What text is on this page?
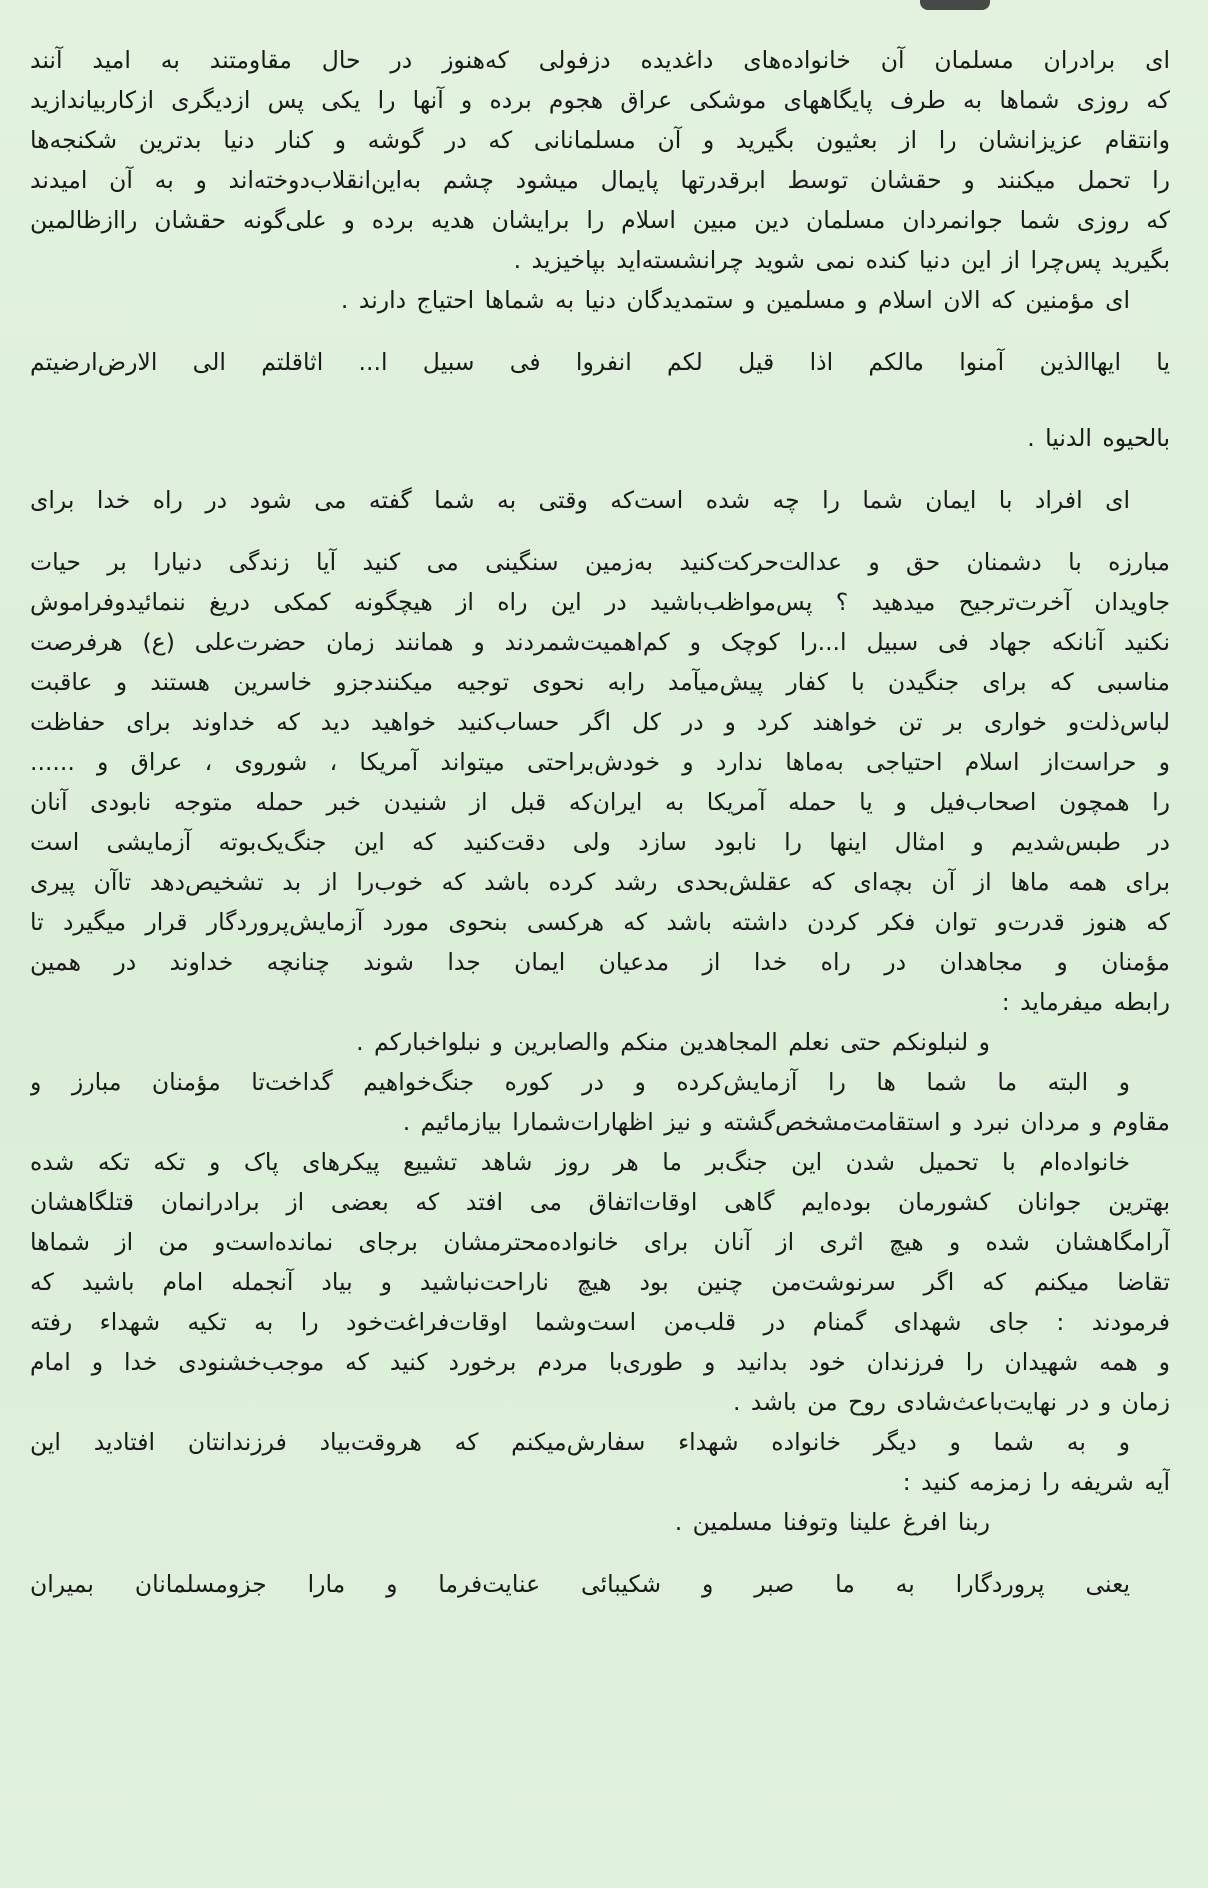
ای برادران مسلمان آن خانواده‌های داغدیده دزفولی که‌هنوز در حال مقاومتند به امید آنند
که روزی شماها به طرف پایگاههای موشکی عراق هجوم برده و آنها را یکی پس ازدیگری ازکاربیاندازید
وانتقام عزیزانشان را از بعثیون بگیرید و آن مسلمانانی که در گوشه و کنار دنیا بدترین شکنجه‌ها
را تحمل میکنند و حقشان توسط ابرقدرتها پایمال میشود چشم به‌این‌انقلاب‌دوخته‌اند و به آن امیدند
که روزی شما جوانمردان مسلمان دین مبین اسلام را برایشان هدیه برده و علی‌گونه حقشان راازظالمین
بگیرید پس‌چرا از این دنیا کنده نمی شوید چرانشسته‌اید بپاخیزید .
ای مؤمنین که الان اسلام و مسلمین و ستمدیدگان دنیا به شماها احتیاج دارند .
یا ایهاالذین آمنوا مالکم اذا قیل لکم انفروا فی سبیل ا... اثاقلتم الی الارض‌ارضیتم
بالحیوه الدنیا .
ای افراد با ایمان شما را چه شده است‌که وقتی به شما گفته می شود در راه خدا برای
مبارزه با دشمنان حق و عدالت‌حرکت‌کنید به‌زمین سنگینی می کنید آیا زندگی دنیارا بر حیات
جاویدان آخرت‌ترجیح میدهید ؟ پس‌مواظب‌باشید در این راه از هیچگونه کمکی دریغ ننمائیدوفراموش
نکنید آنانکه جهاد فی سبیل ا...را کوچک و کم‌اهمیت‌شمردند و همانند زمان حضرت‌علی (ع) هرفرصت
مناسبی که برای جنگیدن با کفار پیش‌میآمد رابه نحوی توجیه میکنندجزو خاسرین هستند و عاقبت
لباس‌ذلت‌و خواری بر تن خواهند کرد و در کل اگر حساب‌کنید خواهید دید که خداوند برای حفاظت
و حراست‌از اسلام احتیاجی به‌ماها ندارد و خودش‌براحتی میتواند آمریکا ، شوروی ، عراق و ......
را همچون اصحاب‌فیل و یا حمله آمریکا به ایران‌که قبل از شنیدن خبر حمله متوجه نابودی آنان
در طبس‌شدیم و امثال اینها را نابود سازد ولی دقت‌کنید که این جنگ‌یک‌بوته آزمایشی است
برای همه ماها از آن بچه‌ای که عقلش‌بحدی رشد کرده باشد که خوب‌را از بد تشخیص‌دهد تاآن پیری
که هنوز قدرت‌و توان فکر کردن داشته باشد که هرکسی بنحوی مورد آزمایش‌پروردگار قرار میگیرد تا
مؤمنان و مجاهدان در راه خدا از مدعیان ایمان جدا شوند چنانچه خداوند در همین
رابطه میفرماید :
و لنبلونکم حتی نعلم المجاهدین منکم والصابرین و نبلواخبارکم .
و البته ما شما ها را آزمایش‌کرده و در کوره جنگ‌خواهیم گداخت‌تا مؤمنان مبارز و
مقاوم و مردان نبرد و استقامت‌مشخص‌گشته و نیز اظهارات‌شمارا بیازمائیم .
خانواده‌ام با تحمیل شدن این جنگ‌بر ما هر روز شاهد تشییع پیکرهای پاک و تکه تکه شده
بهترین جوانان کشورمان بوده‌ایم گاهی اوقات‌اتفاق می افتد که بعضی از برادرانمان قتلگاهشان
آرامگاهشان شده و هیچ اثری از آنان برای خانواده‌محترمشان برجای نمانده‌است‌و من از شماها
تقاضا میکنم که اگر سرنوشت‌من چنین بود هیچ ناراحت‌نباشید و بیاد آنجمله امام باشید که
فرمودند : جای شهدای گمنام در قلب‌من است‌وشما اوقات‌فراغت‌خود را به تکیه شهداء رفته
و همه شهیدان را فرزندان خود بدانید و طوری‌با مردم برخورد کنید که موجب‌خشنودی خدا و امام
زمان و در نهایت‌باعث‌شادی روح من باشد .
و به شما و دیگر خانواده شهداء سفارش‌میکنم که هروقت‌بیاد فرزندانتان افتادید این
آیه شریفه را زمزمه کنید :
ربنا افرغ علینا وتوفنا مسلمین .
یعنی پروردگارا به ما صبر و شکیبائی عنایت‌فرما و مارا جزومسلمانان بمیران
